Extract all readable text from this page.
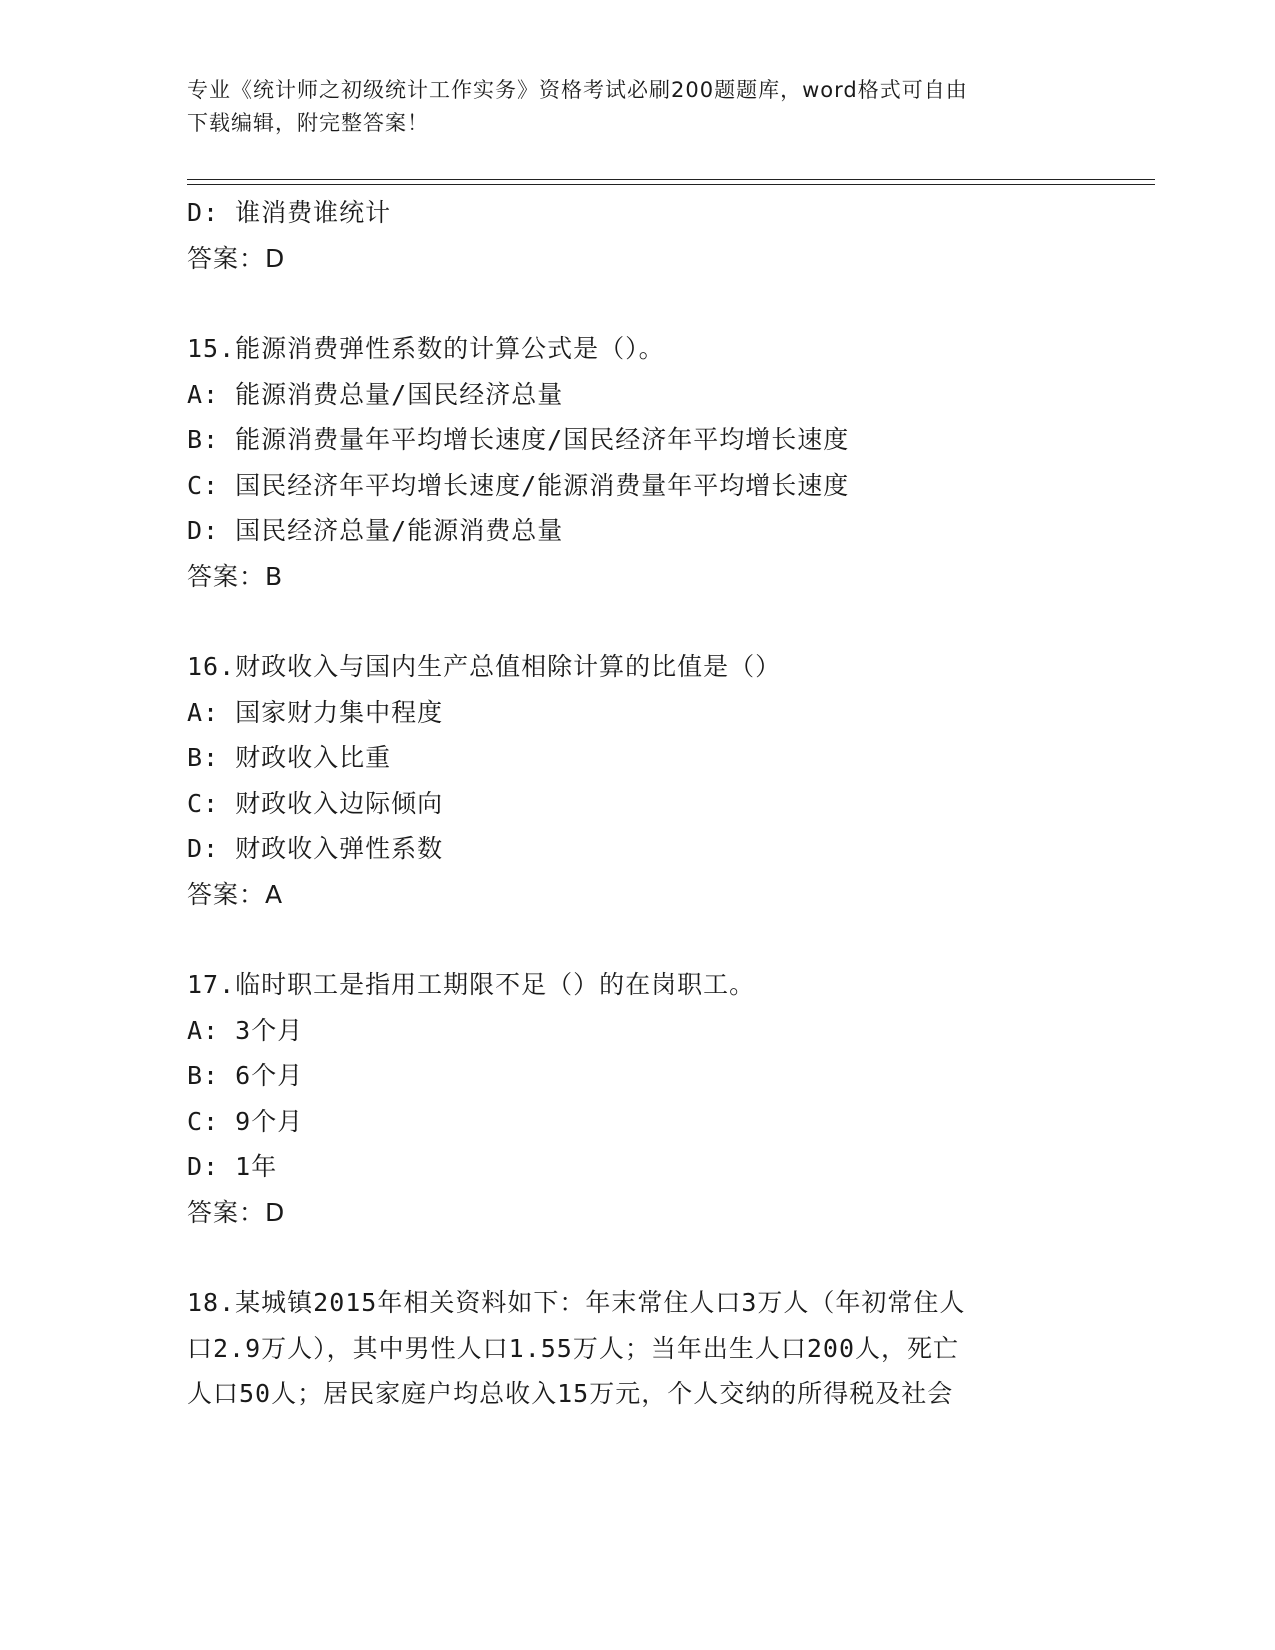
专业《统计师之初级统计工作实务》资格考试必刷200题题库，word格式可自由
下载编辑，附完整答案！
D: 谁消费谁统计
答案：D
15.能源消费弹性系数的计算公式是（）。
A: 能源消费总量/国民经济总量
B: 能源消费量年平均增长速度/国民经济年平均增长速度
C: 国民经济年平均增长速度/能源消费量年平均增长速度
D: 国民经济总量/能源消费总量
答案：B
16.财政收入与国内生产总值相除计算的比值是（）
A: 国家财力集中程度
B: 财政收入比重
C: 财政收入边际倾向
D: 财政收入弹性系数
答案：A
17.临时职工是指用工期限不足（）的在岗职工。
A: 3个月
B: 6个月
C: 9个月
D: 1年
答案：D
18.某城镇2015年相关资料如下：年末常住人口3万人（年初常住人
口2.9万人），其中男性人口1.55万人；当年出生人口200人，死亡
人口50人；居民家庭户均总收入15万元，个人交纳的所得税及社会
